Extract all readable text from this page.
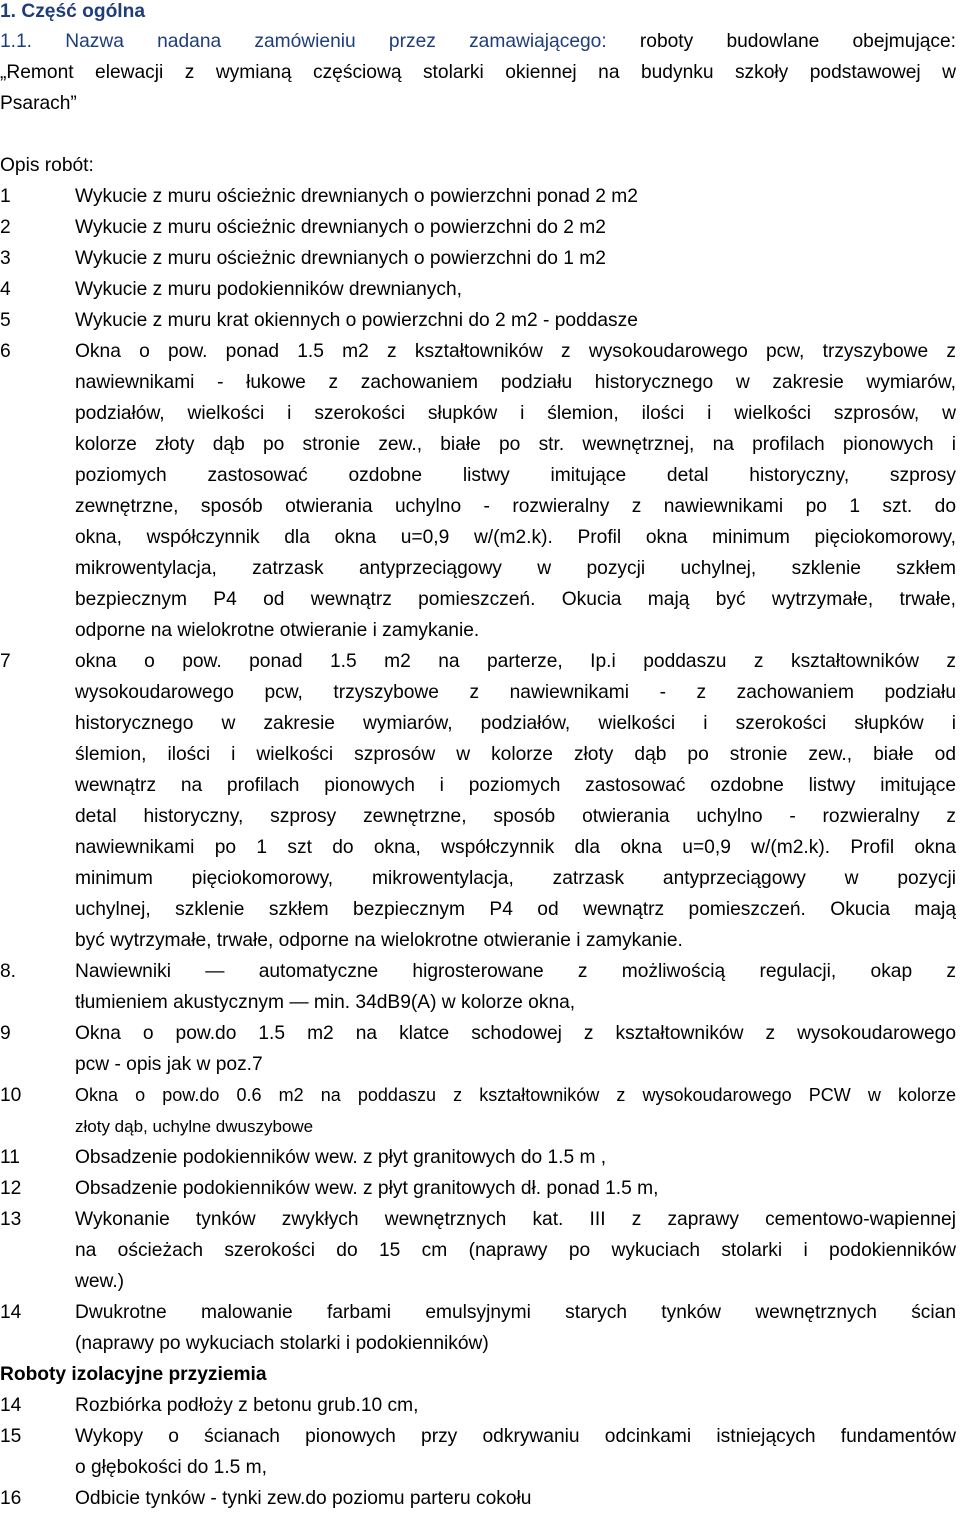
1. Część ogólna
1.1. Nazwa nadana zamówieniu przez zamawiającego: roboty budowlane obejmujące:
„Remont elewacji z wymianą częściową stolarki okiennej na budynku szkoły podstawowej w
Psarach”
Opis robót:
1	Wykucie z muru ościeżnic drewnianych o powierzchni ponad 2 m2
2	Wykucie z muru ościeżnic drewnianych o powierzchni do 2 m2
3	Wykucie z muru ościeżnic drewnianych o powierzchni do 1 m2
4	Wykucie z muru podokienników drewnianych,
5	Wykucie z muru krat okiennych o powierzchni do 2 m2 - poddasze
6	Okna o pow. ponad 1.5 m2 z kształtowników z wysokoudarowego pcw, trzyszybowe z
nawiewnikami - łukowe z zachowaniem podziału historycznego w zakresie wymiarów,
podziałów, wielkości i szerokości słupków i ślemion, ilości i wielkości szprosów, w
kolorze złoty dąb po stronie zew., białe po str. wewnętrznej, na profilach pionowych i
poziomych zastosować ozdobne listwy imitujące detal historyczny, szprosy
zewnętrzne, sposób otwierania uchylno - rozwieralny z nawiewnikami po 1 szt. do
okna, współczynnik dla okna u=0,9 w/(m2.k). Profil okna minimum pięciokomorowy,
mikrowentylacja, zatrzask antyprzeciągowy w pozycji uchylnej, szklenie szkłem
bezpiecznym P4 od wewnątrz pomieszczeń. Okucia mają być wytrzymałe, trwałe,
odporne na wielokrotne otwieranie i zamykanie.
7	okna o pow. ponad 1.5 m2 na parterze, Ip.i poddaszu z kształtowników z
wysokoudarowego pcw, trzyszybowe z nawiewnikami - z zachowaniem podziału
historycznego w zakresie wymiarów, podziałów, wielkości i szerokości słupków i
ślemion, ilości i wielkości szprosów w kolorze złoty dąb po stronie zew., białe od
wewnątrz na profilach pionowych i poziomych zastosować ozdobne listwy imitujące
detal historyczny, szprosy zewnętrzne, sposób otwierania uchylno - rozwieralny z
nawiewnikami po 1 szt do okna, współczynnik dla okna u=0,9 w/(m2.k). Profil okna
minimum pięciokomorowy, mikrowentylacja, zatrzask antyprzeciągowy w pozycji
uchylnej, szklenie szkłem bezpiecznym P4 od wewnątrz pomieszczeń. Okucia mają
być wytrzymałe, trwałe, odporne na wielokrotne otwieranie i zamykanie.
8.	Nawiewniki — automatyczne higrosterowane z możliwością regulacji, okap z
tłumieniem akustycznym — min. 34dB9(A) w kolorze okna,
9	Okna o pow.do 1.5 m2 na klatce schodowej z kształtowników z wysokoudarowego
pcw - opis jak w poz.7
10	Okna o pow.do 0.6 m2 na poddaszu z kształtowników z wysokoudarowego PCW w kolorze
złoty dąb, uchylne dwuszybowe
11	Obsadzenie podokienników wew. z płyt granitowych do 1.5 m ,
12	Obsadzenie podokienników wew. z płyt granitowych dł. ponad 1.5 m,
13	Wykonanie tynków zwykłych wewnętrznych kat. III z zaprawy cementowo-wapiennej
na ościeżach szerokości do 15 cm (naprawy po wykuciach stolarki i podokienników
wew.)
14	Dwukrotne malowanie farbami emulsyjnymi starych tynków wewnętrznych ścian
(naprawy po wykuciach stolarki i podokienników)
Roboty izolacyjne przyziemia
14	Rozbiórka podłoży z betonu grub.10 cm,
15	Wykopy o ścianach pionowych przy odkrywaniu odcinkami istniejących fundamentów
o głębokości do 1.5 m,
16	Odbicie tynków - tynki zew.do poziomu parteru cokołu
